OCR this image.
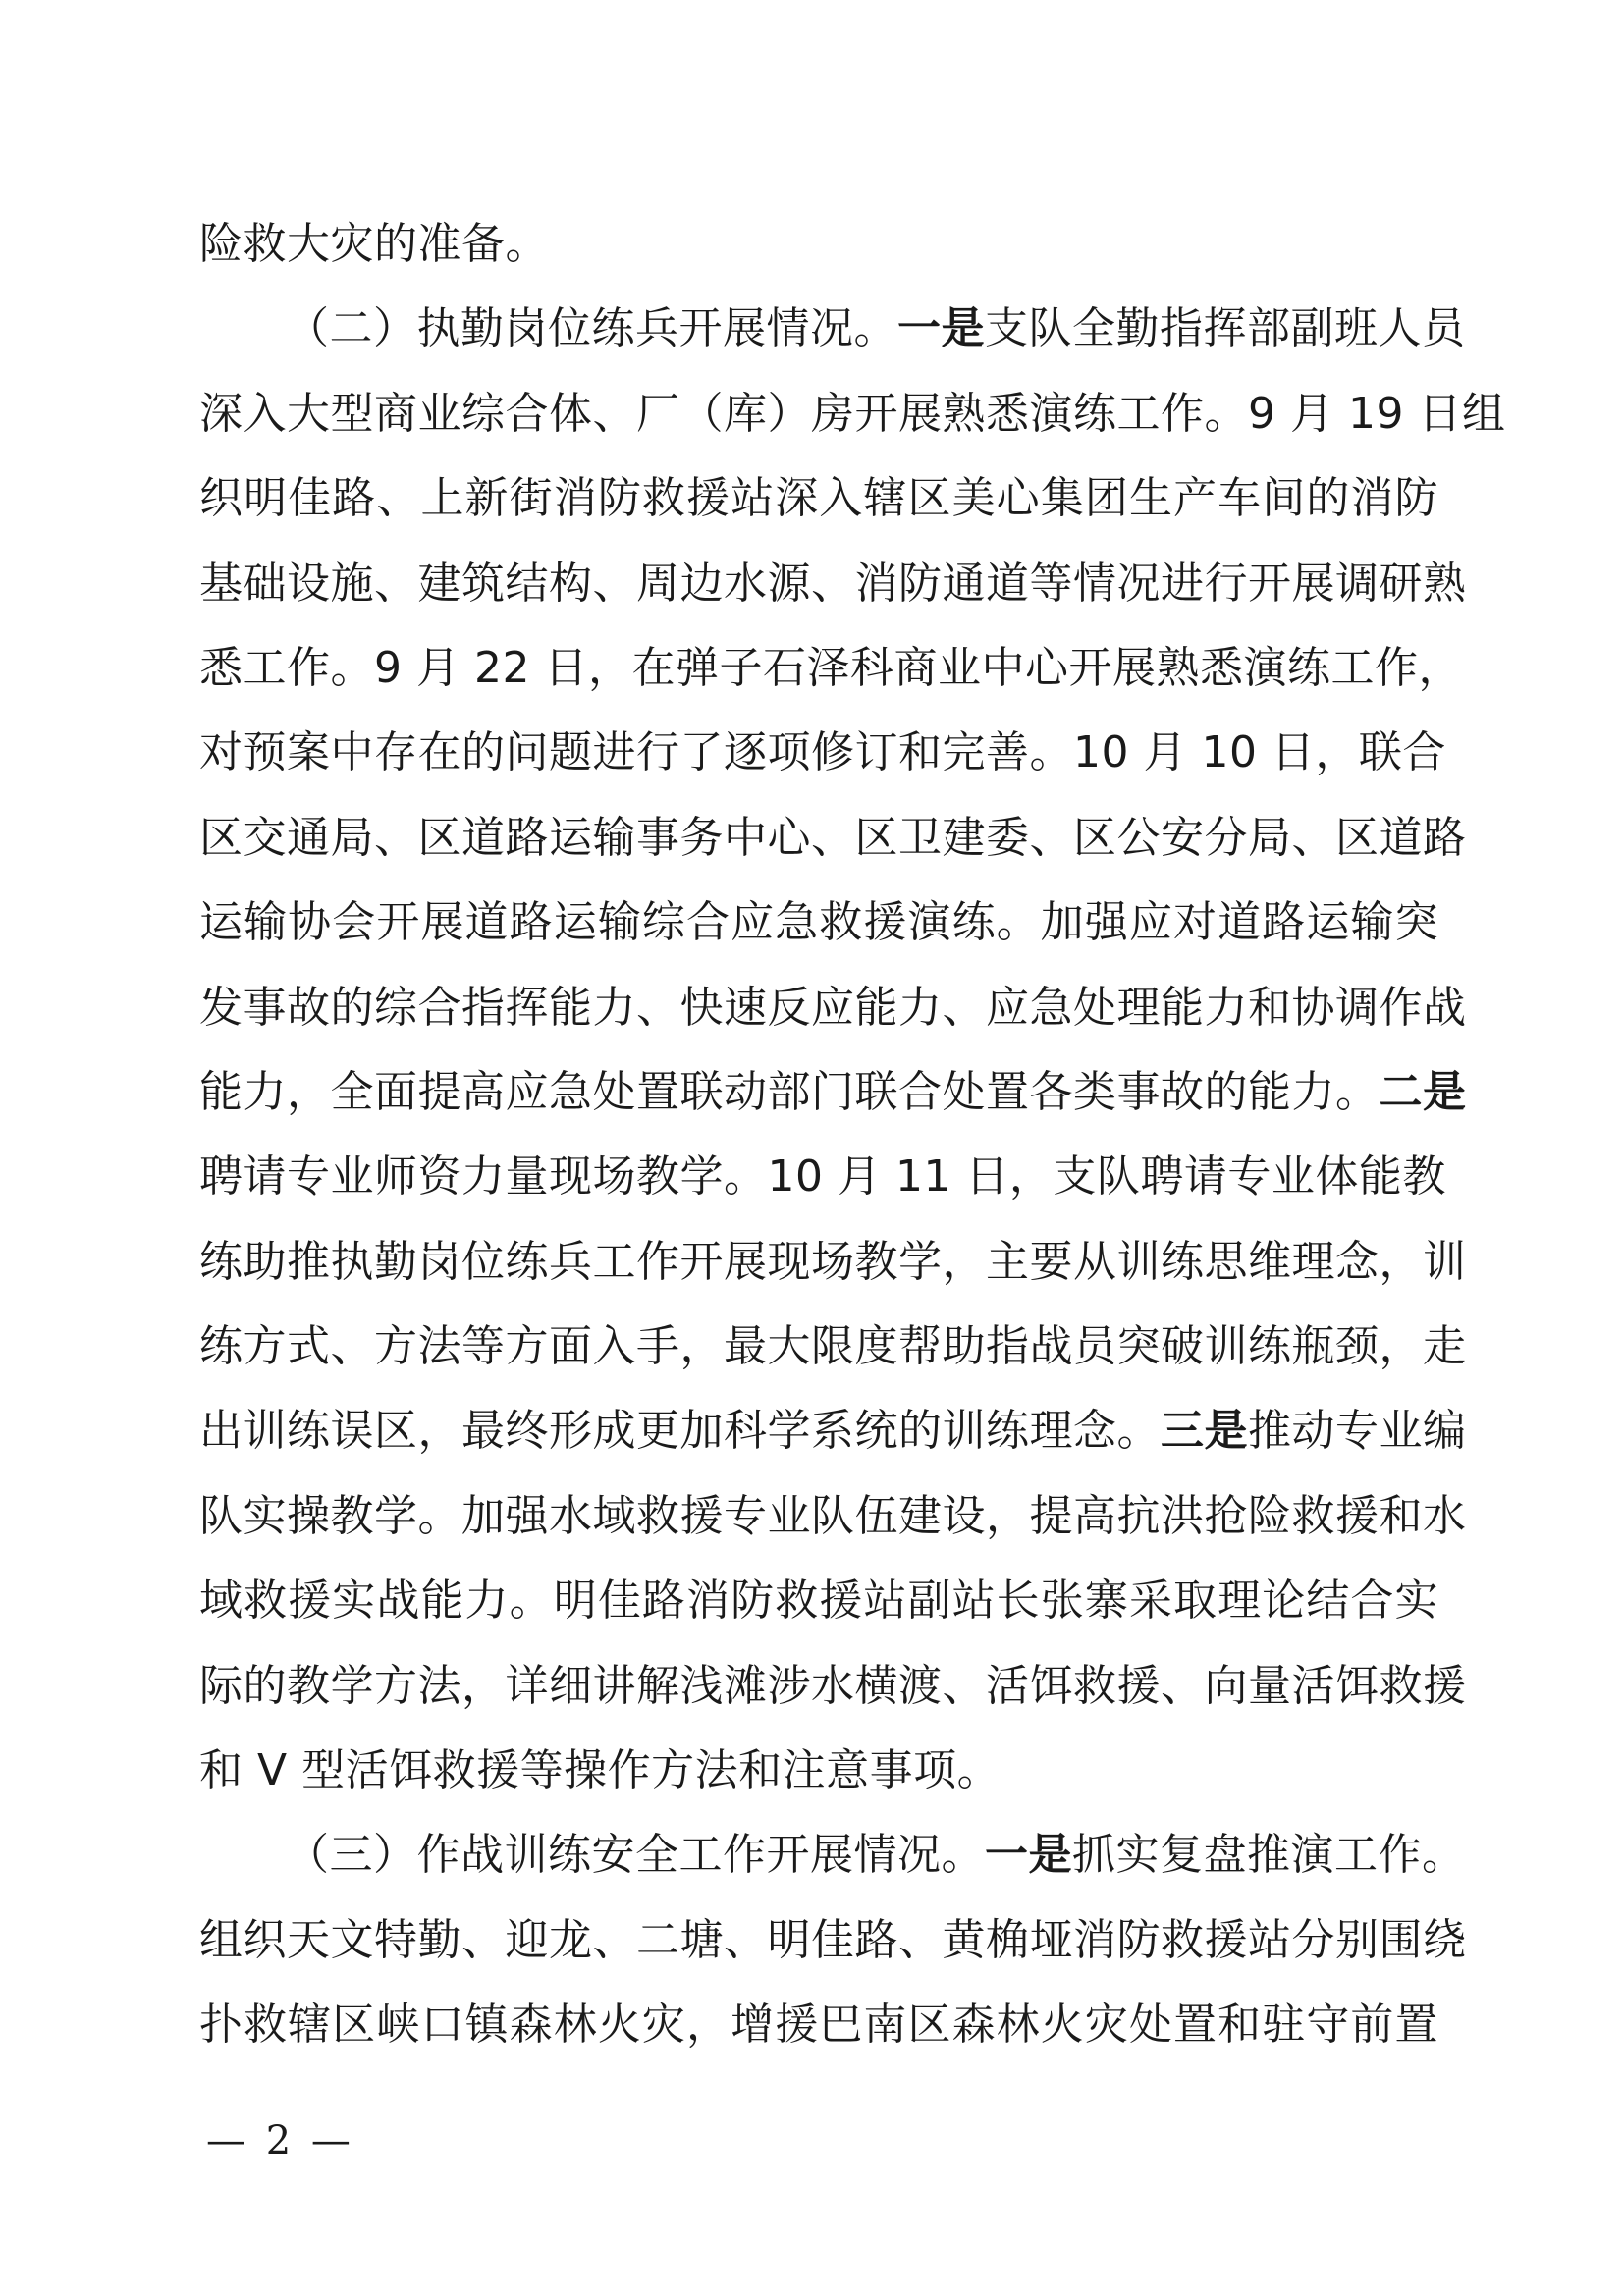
险救大灾的准备。
（二）执勤岗位练兵开展情况。一是支队全勤指挥部副班人员
深入大型商业综合体、厂（库）房开展熟悉演练工作。9 月 19 日组
织明佳路、上新街消防救援站深入辖区美心集团生产车间的消防
基础设施、建筑结构、周边水源、消防通道等情况进行开展调研熟
悉工作。9 月 22 日，在弹子石泽科商业中心开展熟悉演练工作，
对预案中存在的问题进行了逐项修订和完善。10 月 10 日，联合
区交通局、区道路运输事务中心、区卫建委、区公安分局、区道路
运输协会开展道路运输综合应急救援演练。加强应对道路运输突
发事故的综合指挥能力、快速反应能力、应急处理能力和协调作战
能力，全面提高应急处置联动部门联合处置各类事故的能力。二是
聘请专业师资力量现场教学。10 月 11 日，支队聘请专业体能教
练助推执勤岗位练兵工作开展现场教学，主要从训练思维理念，训
练方式、方法等方面入手，最大限度帮助指战员突破训练瓶颈，走
出训练误区，最终形成更加科学系统的训练理念。三是推动专业编
队实操教学。加强水域救援专业队伍建设，提高抗洪抢险救援和水
域救援实战能力。明佳路消防救援站副站长张寨采取理论结合实
际的教学方法，详细讲解浅滩涉水横渡、活饵救援、向量活饵救援
和 V 型活饵救援等操作方法和注意事项。
（三）作战训练安全工作开展情况。一是抓实复盘推演工作。
组织天文特勤、迎龙、二塘、明佳路、黄桷垭消防救援站分别围绕
扑救辖区峡口镇森林火灾，增援巴南区森林火灾处置和驻守前置
— 2 —
